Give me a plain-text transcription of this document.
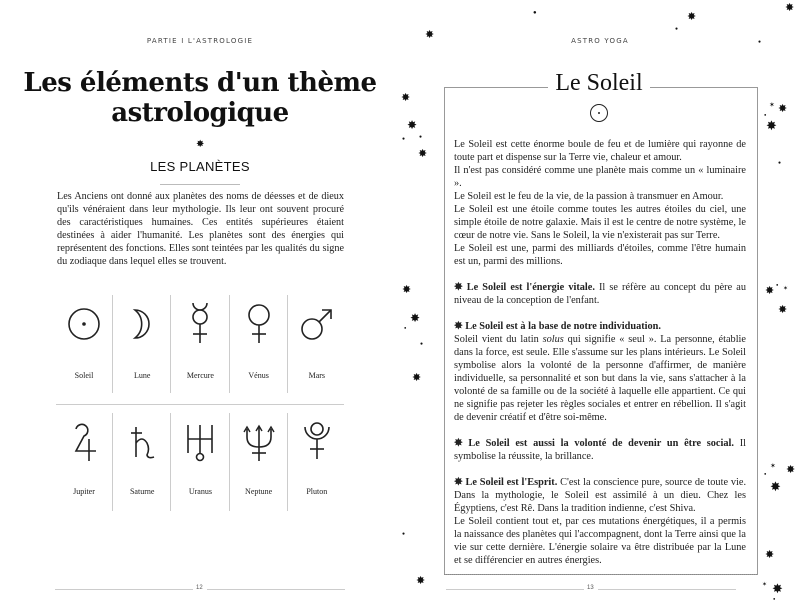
PARTIE I L'ASTROLOGIE
Les éléments d'un thème
astrologique
✸
LES PLANÈTES
Les Anciens ont donné aux planètes des noms de déesses et de dieux qu'ils vénéraient dans leur mythologie. Ils leur ont souvent procuré des caractéristiques humaines. Ces entités supérieures étaient destinées à aider l'humanité. Les planètes sont des énergies qui représentent des fonctions. Elles sont teintées par les qualités du signe du zodiaque dans lequel elles se trouvent.
Soleil	Lune	Mercure	Vénus	Mars
Jupiter	Saturne	Uranus	Neptune	Pluton
12
ASTRO YOGA
Le Soleil

Le Soleil est cette énorme boule de feu et de lumière qui rayonne de toute part et dispense sur la Terre vie, chaleur et amour.

Il n'est pas considéré comme une planète mais comme un « luminaire ».

Le Soleil est le feu de la vie, de la passion à transmuer en Amour.

Le Soleil est une étoile comme toutes les autres étoiles du ciel, une simple étoile de notre galaxie. Mais il est le centre de notre système, le cœur de notre vie. Sans le Soleil, la vie n'existerait pas sur Terre.

Le Soleil est une, parmi des milliards d'étoiles, comme l'être humain est un, parmi des millions.

✸ Le Soleil est l'énergie vitale. Il se réfère au concept du père au niveau de la conception de l'enfant.

✸ Le Soleil est à la base de notre individuation.
Soleil vient du latin solus qui signifie « seul ». La personne, établie dans la force, est seule. Elle s'assume sur les plans intérieurs. Le Soleil symbolise alors la volonté de la personne d'affirmer, de manière individuelle, sa personnalité et son but dans la vie, sans s'attacher à la volonté de sa famille ou de la société à laquelle elle appartient. Ce qui ne signifie pas rejeter les règles sociales et entrer en rébellion. Il s'agit de devenir créatif et d'être soi-même.

✸ Le Soleil est aussi la volonté de devenir un être social. Il symbolise la réussite, la brillance.

✸ Le Soleil est l'Esprit. C'est la conscience pure, source de toute vie. Dans la mythologie, le Soleil est assimilé à un dieu. Chez les Égyptiens, c'est Rê. Dans la tradition indienne, c'est Shiva.

Le Soleil contient tout et, par ces mutations énergétiques, il a permis la naissance des planètes qui l'accompagnent, dont la Terre ainsi que la vie sur cette dernière. L'énergie solaire va être distribuée par la Lune et se différencier en autres énergies.

13
✸
●	✸
●
✸
●
✸
✸
●	●
✸
✶
● ✸
✸
●
✸
●
✶
✸
✸
✸
●
●
✸
✶
● ✸
✸
●
✸
✸	✶ ✸
●
